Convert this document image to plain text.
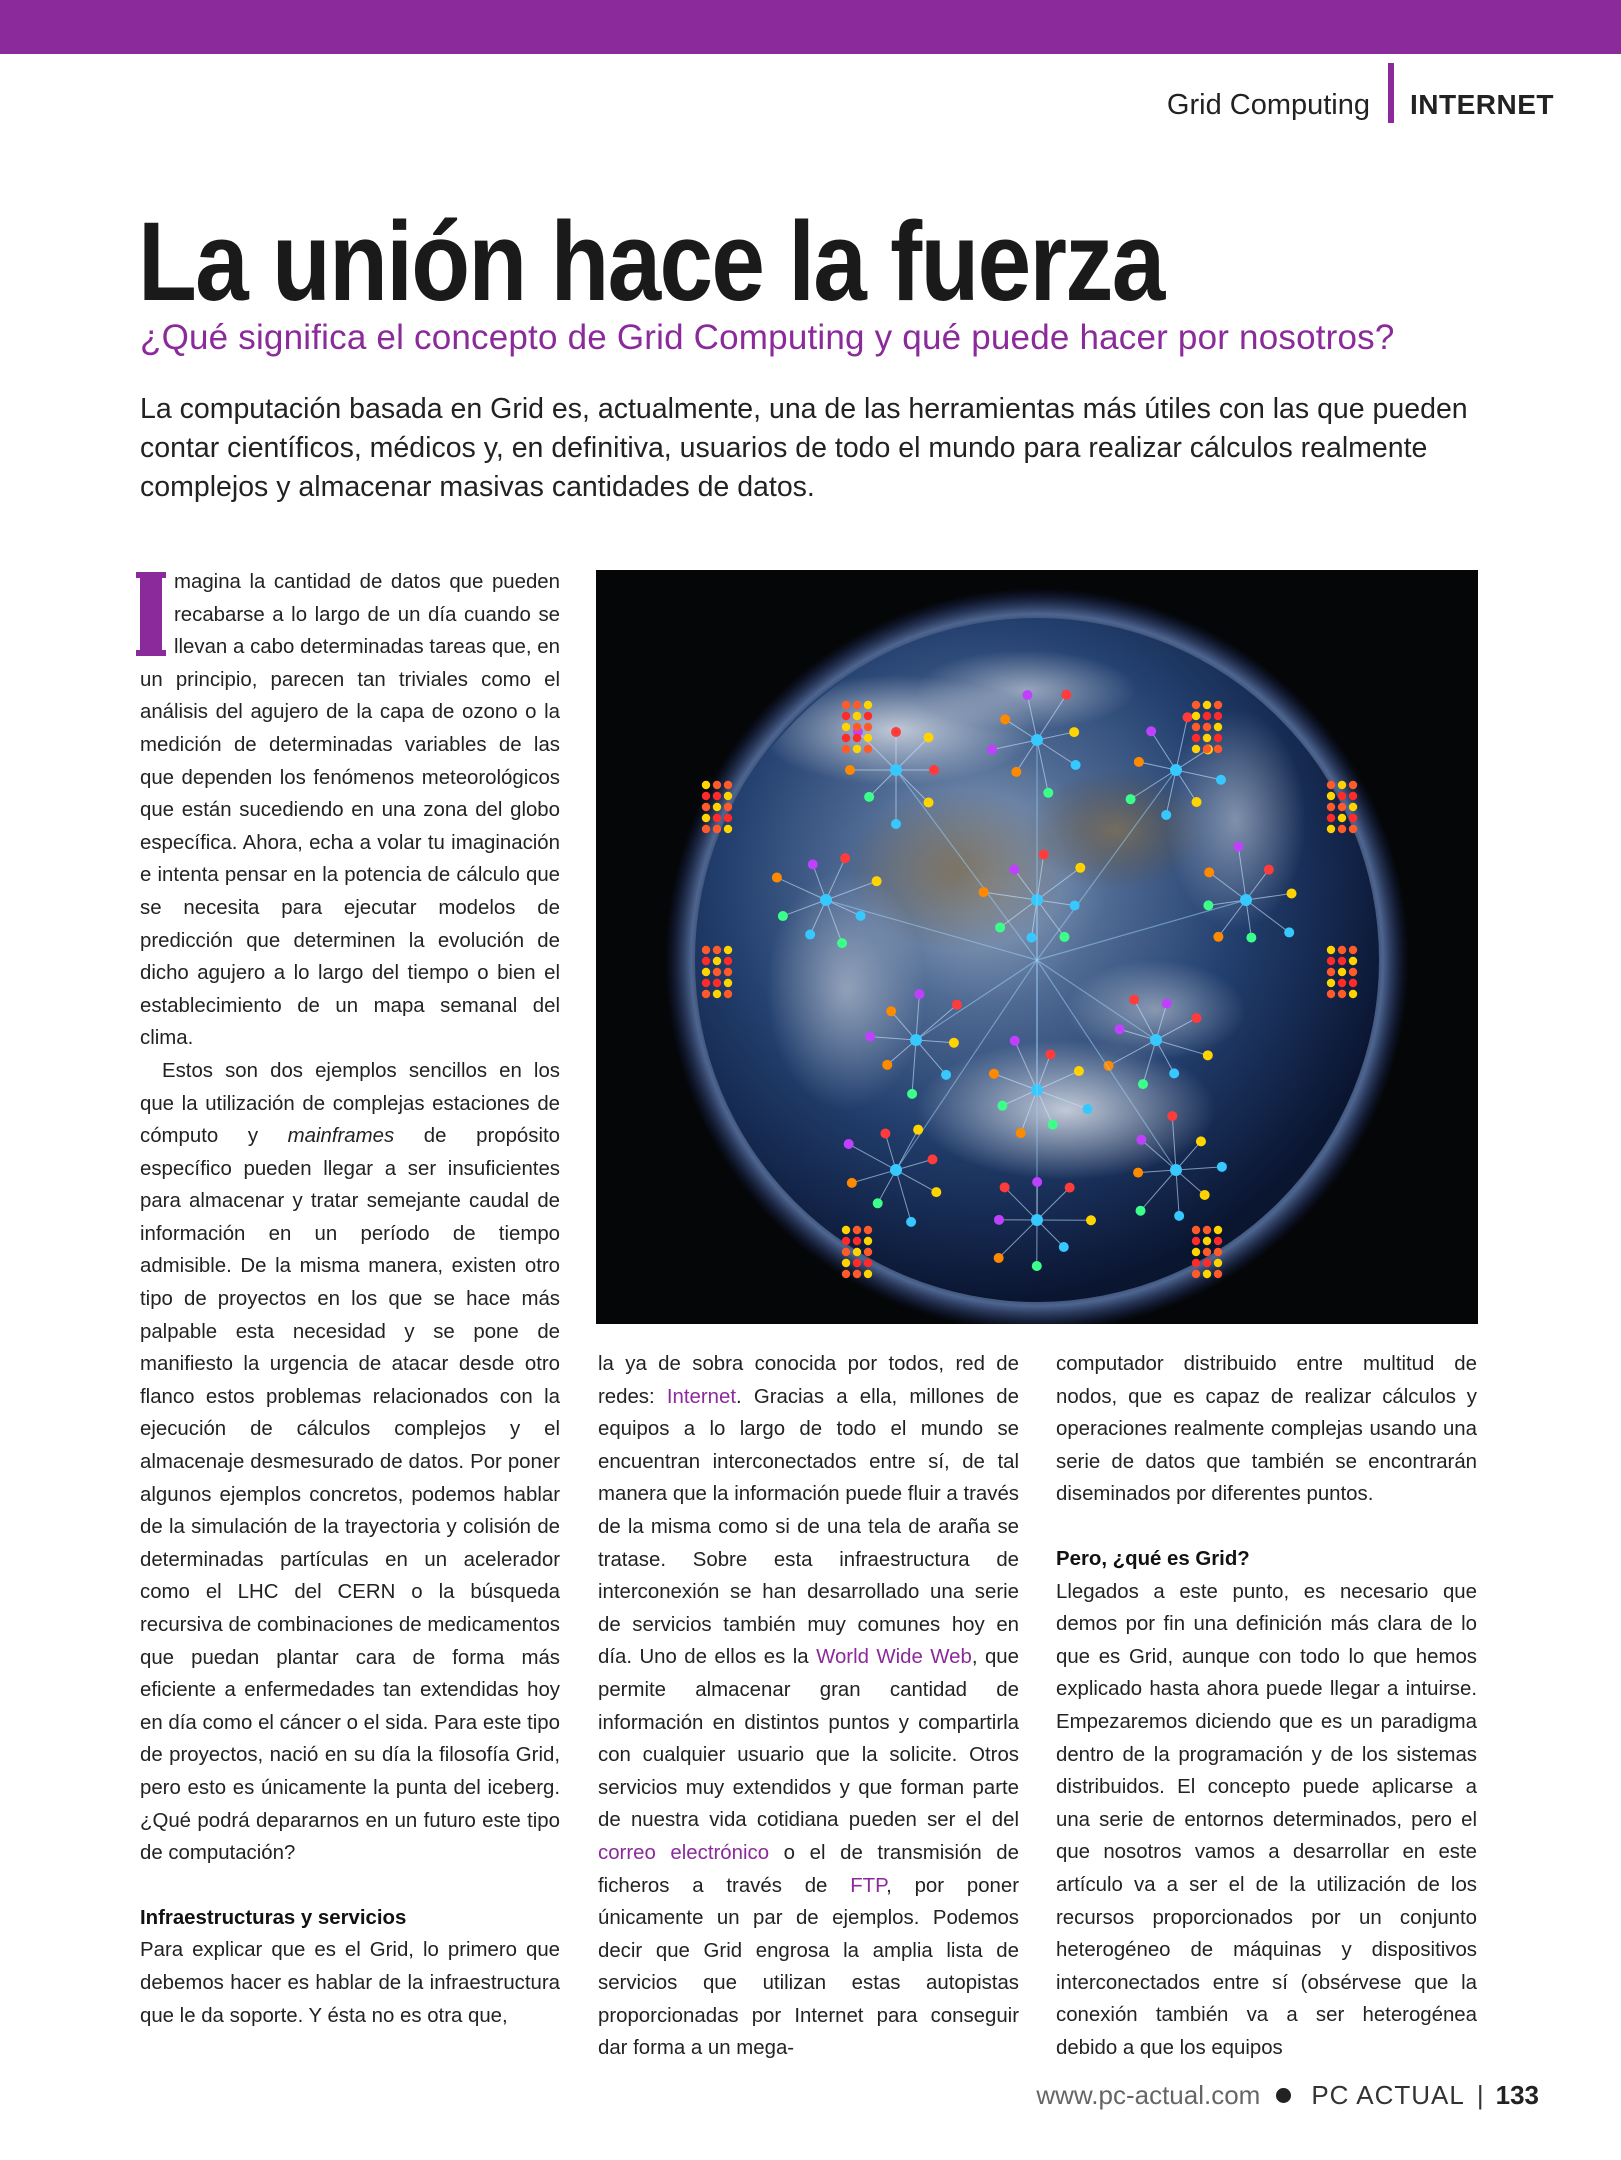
Grid Computing INTERNET
La unión hace la fuerza
¿Qué significa el concepto de Grid Computing y qué puede hacer por nosotros?

La computación basada en Grid es, actualmente, una de las herramientas más útiles con las que pueden contar científicos, médicos y, en definitiva, usuarios de todo el mundo para realizar cálculos realmente complejos y almacenar masivas cantidades de datos.

magina la cantidad de datos que pueden recabarse a lo largo de un día cuando se llevan a cabo determinadas tareas que, en un principio, parecen tan triviales como el análisis del agujero de la capa de ozono o la medición de determinadas variables de las que dependen los fenómenos meteorológicos que están sucediendo en una zona del globo específica. Ahora, echa a volar tu imaginación e intenta pensar en la potencia de cálculo que se necesita para ejecutar modelos de predicción que determinen la evolución de dicho agujero a lo largo del tiempo o bien el establecimiento de un mapa semanal del clima.

Estos son dos ejemplos sencillos en los que la utilización de complejas estaciones de cómputo y mainframes de propósito específico pueden llegar a ser insuficientes para almacenar y tratar semejante caudal de información en un período de tiempo admisible. De la misma manera, existen otro tipo de proyectos en los que se hace más palpable esta necesidad y se pone de manifiesto la urgencia de atacar desde otro flanco estos problemas relacionados con la ejecución de cálculos complejos y el almacenaje desmesurado de datos. Por poner algunos ejemplos concretos, podemos hablar de la simulación de la trayectoria y colisión de determinadas partículas en un acelerador como el LHC del CERN o la búsqueda recursiva de combinaciones de medicamentos que puedan plantar cara de forma más eficiente a enfermedades tan extendidas hoy en día como el cáncer o el sida. Para este tipo de proyectos, nació en su día la filosofía Grid, pero esto es únicamente la punta del iceberg. ¿Qué podrá depararnos en un futuro este tipo de computación?

Infraestructuras y servicios

Para explicar que es el Grid, lo primero que debemos hacer es hablar de la infraestructura que le da soporte. Y ésta no es otra que,

la ya de sobra conocida por todos, red de redes: Internet. Gracias a ella, millones de equipos a lo largo de todo el mundo se encuentran interconectados entre sí, de tal manera que la información puede fluir a través de la misma como si de una tela de araña se tratase. Sobre esta infraestructura de interconexión se han desarrollado una serie de servicios también muy comunes hoy en día. Uno de ellos es la World Wide Web, que permite almacenar gran cantidad de información en distintos puntos y compartirla con cualquier usuario que la solicite. Otros servicios muy extendidos y que forman parte de nuestra vida cotidiana pueden ser el del correo electrónico o el de transmisión de ficheros a través de FTP, por poner únicamente un par de ejemplos. Podemos decir que Grid engrosa la amplia lista de servicios que utilizan estas autopistas proporcionadas por Internet para conseguir dar forma a un mega-

computador distribuido entre multitud de nodos, que es capaz de realizar cálculos y operaciones realmente complejas usando una serie de datos que también se encontrarán diseminados por diferentes puntos.

Pero, ¿qué es Grid?

Llegados a este punto, es necesario que demos por fin una definición más clara de lo que es Grid, aunque con todo lo que hemos explicado hasta ahora puede llegar a intuirse. Empezaremos diciendo que es un paradigma dentro de la programación y de los sistemas distribuidos. El concepto puede aplicarse a una serie de entornos determinados, pero el que nosotros vamos a desarrollar en este artículo va a ser el de la utilización de los recursos proporcionados por un conjunto heterogéneo de máquinas y dispositivos interconectados entre sí (obsérvese que la conexión también va a ser heterogénea debido a que los equipos

www.pc-actual.com PC ACTUAL | 133
